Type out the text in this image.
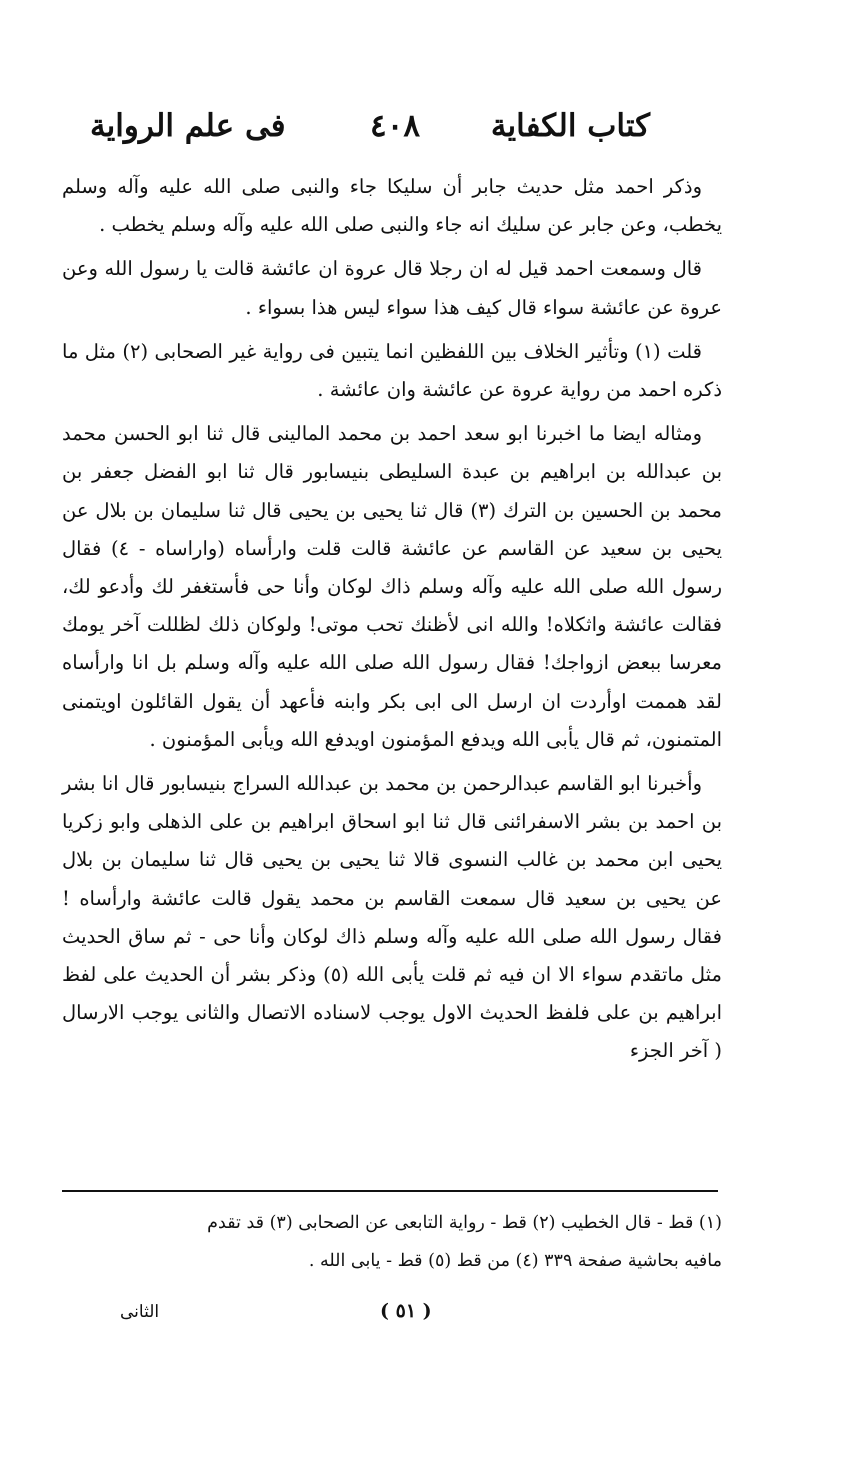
كتاب الكفاية
٤٠٨
فى علم الرواية

وذكر احمد مثل حديث جابر أن سليكا جاء والنبى صلى الله عليه وآله وسلم يخطب، وعن جابر عن سليك انه جاء والنبى صلى الله عليه وآله وسلم يخطب .

قال وسمعت احمد قيل له ان رجلا قال عروة ان عائشة قالت يا رسول الله وعن عروة عن عائشة سواء قال كيف هذا سواء ليس هذا بسواء .

قلت (١) وتأثير الخلاف بين اللفظين انما يتبين فى رواية غير الصحابى (٢) مثل ما ذكره احمد من رواية عروة عن عائشة وان عائشة .

ومثاله ايضا ما اخبرنا ابو سعد احمد بن محمد المالينى قال ثنا ابو الحسن محمد بن عبدالله بن ابراهيم بن عبدة السليطى بنيسابور قال ثنا ابو الفضل جعفر بن محمد بن الحسين بن الترك (٣) قال ثنا يحيى بن يحيى قال ثنا سليمان بن بلال عن يحيى بن سعيد عن القاسم عن عائشة قالت قلت وارأساه (واراساه - ٤) فقال رسول الله صلى الله عليه وآله وسلم ذاك لوكان وأنا حى فأستغفر لك وأدعو لك، فقالت عائشة واثكلاه! والله انى لأظنك تحب موتى! ولوكان ذلك لظللت آخر يومك معرسا ببعض ازواجك! فقال رسول الله صلى الله عليه وآله وسلم بل انا وارأساه لقد هممت اوأردت ان ارسل الى ابى بكر وابنه فأعهد أن يقول القائلون اويتمنى المتمنون، ثم قال يأبى الله ويدفع المؤمنون اويدفع الله ويأبى المؤمنون .

وأخبرنا ابو القاسم عبدالرحمن بن محمد بن عبدالله السراج بنيسابور قال انا بشر بن احمد بن بشر الاسفرائنى قال ثنا ابو اسحاق ابراهيم بن على الذهلى وابو زكريا يحيى ابن محمد بن غالب النسوى قالا ثنا يحيى بن يحيى قال ثنا سليمان بن بلال عن يحيى بن سعيد قال سمعت القاسم بن محمد يقول قالت عائشة وارأساه ! فقال رسول الله صلى الله عليه وآله وسلم ذاك لوكان وأنا حى - ثم ساق الحديث مثل ماتقدم سواء الا ان فيه ثم قلت يأبى الله (٥) وذكر بشر أن الحديث على لفظ ابراهيم بن على فلفظ الحديث الاول يوجب لاسناده الاتصال والثانى يوجب الارسال ( آخر الجزء

(١) قط - قال الخطيب (٢) قط - رواية التابعى عن الصحابى (٣) قد تقدم

مافيه بحاشية صفحة ٣٣٩ (٤) من قط (٥) قط - يابى الله .

( ٥١ )
الثانى
